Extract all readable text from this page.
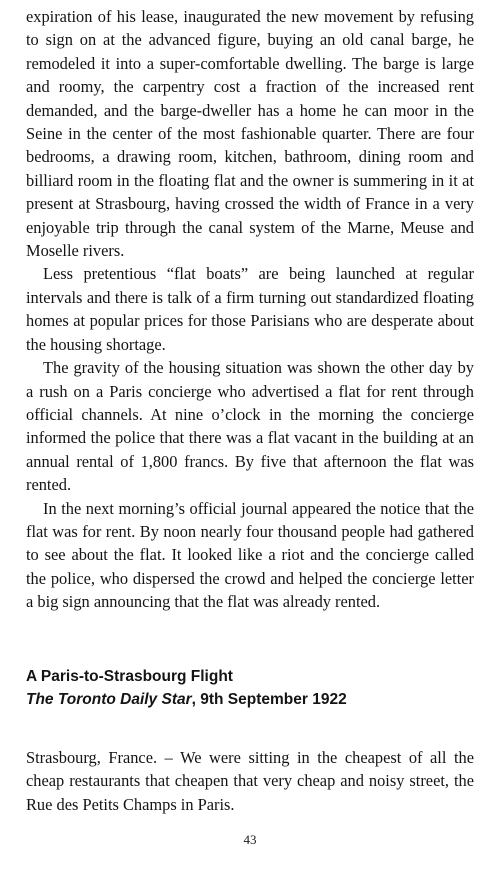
expiration of his lease, inaugurated the new movement by refusing to sign on at the advanced figure, buying an old canal barge, he remodeled it into a super-comfortable dwelling. The barge is large and roomy, the carpentry cost a fraction of the increased rent demanded, and the barge-dweller has a home he can moor in the Seine in the center of the most fashionable quarter. There are four bedrooms, a drawing room, kitchen, bathroom, dining room and billiard room in the floating flat and the owner is summering in it at present at Strasbourg, having crossed the width of France in a very enjoyable trip through the canal system of the Marne, Meuse and Moselle rivers.

Less pretentious “flat boats” are being launched at regular intervals and there is talk of a firm turning out standardized floating homes at popular prices for those Parisians who are desperate about the housing shortage.

The gravity of the housing situation was shown the other day by a rush on a Paris concierge who advertised a flat for rent through official channels. At nine o’clock in the morning the concierge informed the police that there was a flat vacant in the building at an annual rental of 1,800 francs. By five that afternoon the flat was rented.

In the next morning’s official journal appeared the notice that the flat was for rent. By noon nearly four thousand people had gathered to see about the flat. It looked like a riot and the concierge called the police, who dispersed the crowd and helped the concierge letter a big sign announcing that the flat was already rented.

A Paris-to-Strasbourg Flight
The Toronto Daily Star, 9th September 1922

Strasbourg, France. – We were sitting in the cheapest of all the cheap restaurants that cheapen that very cheap and noisy street, the Rue des Petits Champs in Paris.

43
